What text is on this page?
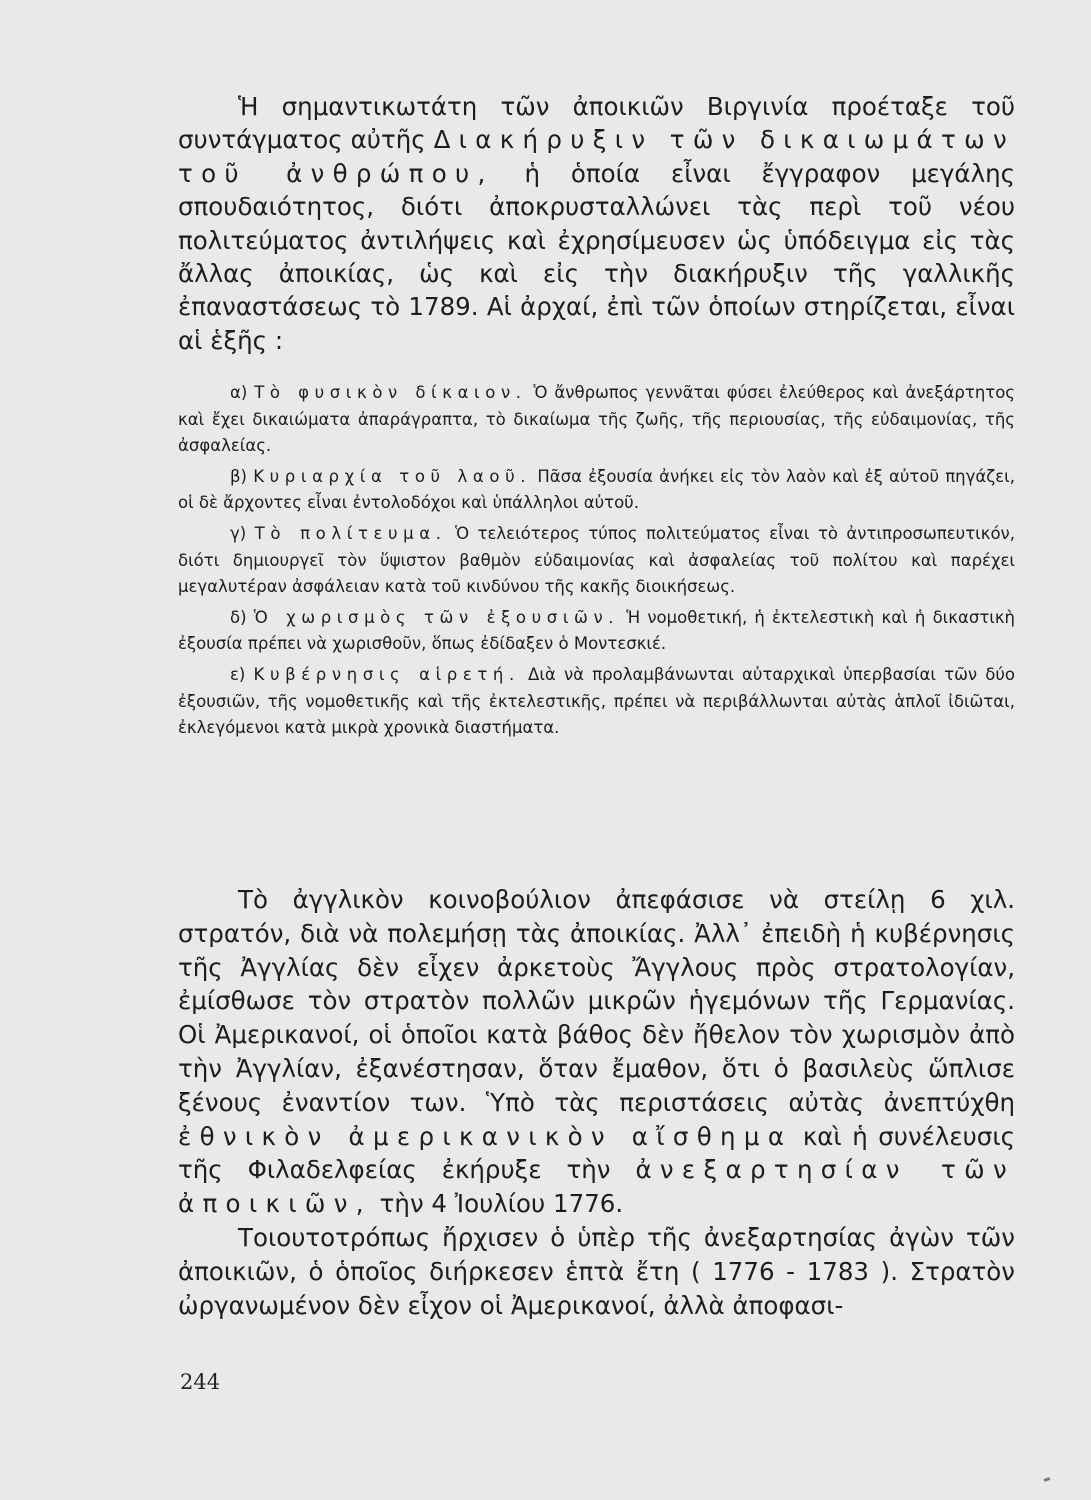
Ἡ σημαντικωτάτη τῶν ἀποικιῶν Βιργινία προέταξε τοῦ συντάγματος αὐτῆς Διακήρυξιν τῶν δικαιωμάτων τοῦ ἀνθρώπου, ἡ ὁποία εἶναι ἔγγραφον μεγάλης σπουδαιότητος, διότι ἀποκρυσταλλώνει τὰς περὶ τοῦ νέου πολιτεύματος ἀντιλήψεις καὶ ἐχρησίμευσεν ὡς ὑπόδειγμα εἰς τὰς ἄλλας ἀποικίας, ὡς καὶ εἰς τὴν διακήρυξιν τῆς γαλλικῆς ἐπαναστάσεως τὸ 1789. Αἱ ἀρχαί, ἐπὶ τῶν ὁποίων στηρίζεται, εἶναι αἱ ἑξῆς :

α) Τὸ φυσικὸν δίκαιον. Ὁ ἄνθρωπος γεννᾶται φύσει ἐλεύθερος καὶ ἀνεξάρτητος καὶ ἔχει δικαιώματα ἀπαράγραπτα, τὸ δικαίωμα τῆς ζωῆς, τῆς περιουσίας, τῆς εὐδαιμονίας, τῆς ἀσφαλείας.

β) Κυριαρχία τοῦ λαοῦ. Πᾶσα ἐξουσία ἀνήκει εἰς τὸν λαὸν καὶ ἐξ αὐτοῦ πηγάζει, οἱ δὲ ἄρχοντες εἶναι ἐντολοδόχοι καὶ ὑπάλληλοι αὐτοῦ.

γ) Τὸ πολίτευμα. Ὁ τελειότερος τύπος πολιτεύματος εἶναι τὸ ἀντιπροσωπευτικόν, διότι δημιουργεῖ τὸν ὕψιστον βαθμὸν εὐδαιμονίας καὶ ἀσφαλείας τοῦ πολίτου καὶ παρέχει μεγαλυτέραν ἀσφάλειαν κατὰ τοῦ κινδύνου τῆς κακῆς διοικήσεως.

δ) Ὁ χωρισμὸς τῶν ἐξουσιῶν. Ἡ νομοθετική, ἡ ἐκτελεστικὴ καὶ ἡ δικαστικὴ ἐξουσία πρέπει νὰ χωρισθοῦν, ὅπως ἐδίδαξεν ὁ Μοντεσκιέ.

ε) Κυβέρνησις αἱρετή. Διὰ νὰ προλαμβάνωνται αὐταρχικαὶ ὑπερβασίαι τῶν δύο ἐξουσιῶν, τῆς νομοθετικῆς καὶ τῆς ἐκτελεστικῆς, πρέπει νὰ περιβάλλωνται αὐτὰς ἁπλοῖ ἰδιῶται, ἐκλεγόμενοι κατὰ μικρὰ χρονικὰ διαστήματα.

Τὸ ἀγγλικὸν κοινοβούλιον ἀπεφάσισε νὰ στείλῃ 6 χιλ. στρατόν, διὰ νὰ πολεμήσῃ τὰς ἀποικίας. Ἀλλ᾽ ἐπειδὴ ἡ κυβέρνησις τῆς Ἀγγλίας δὲν εἶχεν ἀρκετοὺς Ἄγγλους πρὸς στρατολογίαν, ἐμίσθωσε τὸν στρατὸν πολλῶν μικρῶν ἡγεμόνων τῆς Γερμανίας. Οἱ Ἀμερικανοί, οἱ ὁποῖοι κατὰ βάθος δὲν ἤθελον τὸν χωρισμὸν ἀπὸ τὴν Ἀγγλίαν, ἐξανέστησαν, ὅταν ἔμαθον, ὅτι ὁ βασιλεὺς ὥπλισε ξένους ἐναντίον των. Ὑπὸ τὰς περιστάσεις αὐτὰς ἀνεπτύχθη ἐθνικὸν ἀμερικανικὸν αἴσθημα καὶ ἡ συνέλευσις τῆς Φιλαδελφείας ἐκήρυξε τὴν ἀνεξαρτησίαν τῶν ἀποικιῶν, τὴν 4 Ἰουλίου 1776.

Τοιουτοτρόπως ἤρχισεν ὁ ὑπὲρ τῆς ἀνεξαρτησίας ἀγὼν τῶν ἀποικιῶν, ὁ ὁποῖος διήρκεσεν ἑπτὰ ἔτη ( 1776 - 1783 ). Στρατὸν ὠργανωμένον δὲν εἶχον οἱ Ἀμερικανοί, ἀλλὰ ἀποφασι-

244
